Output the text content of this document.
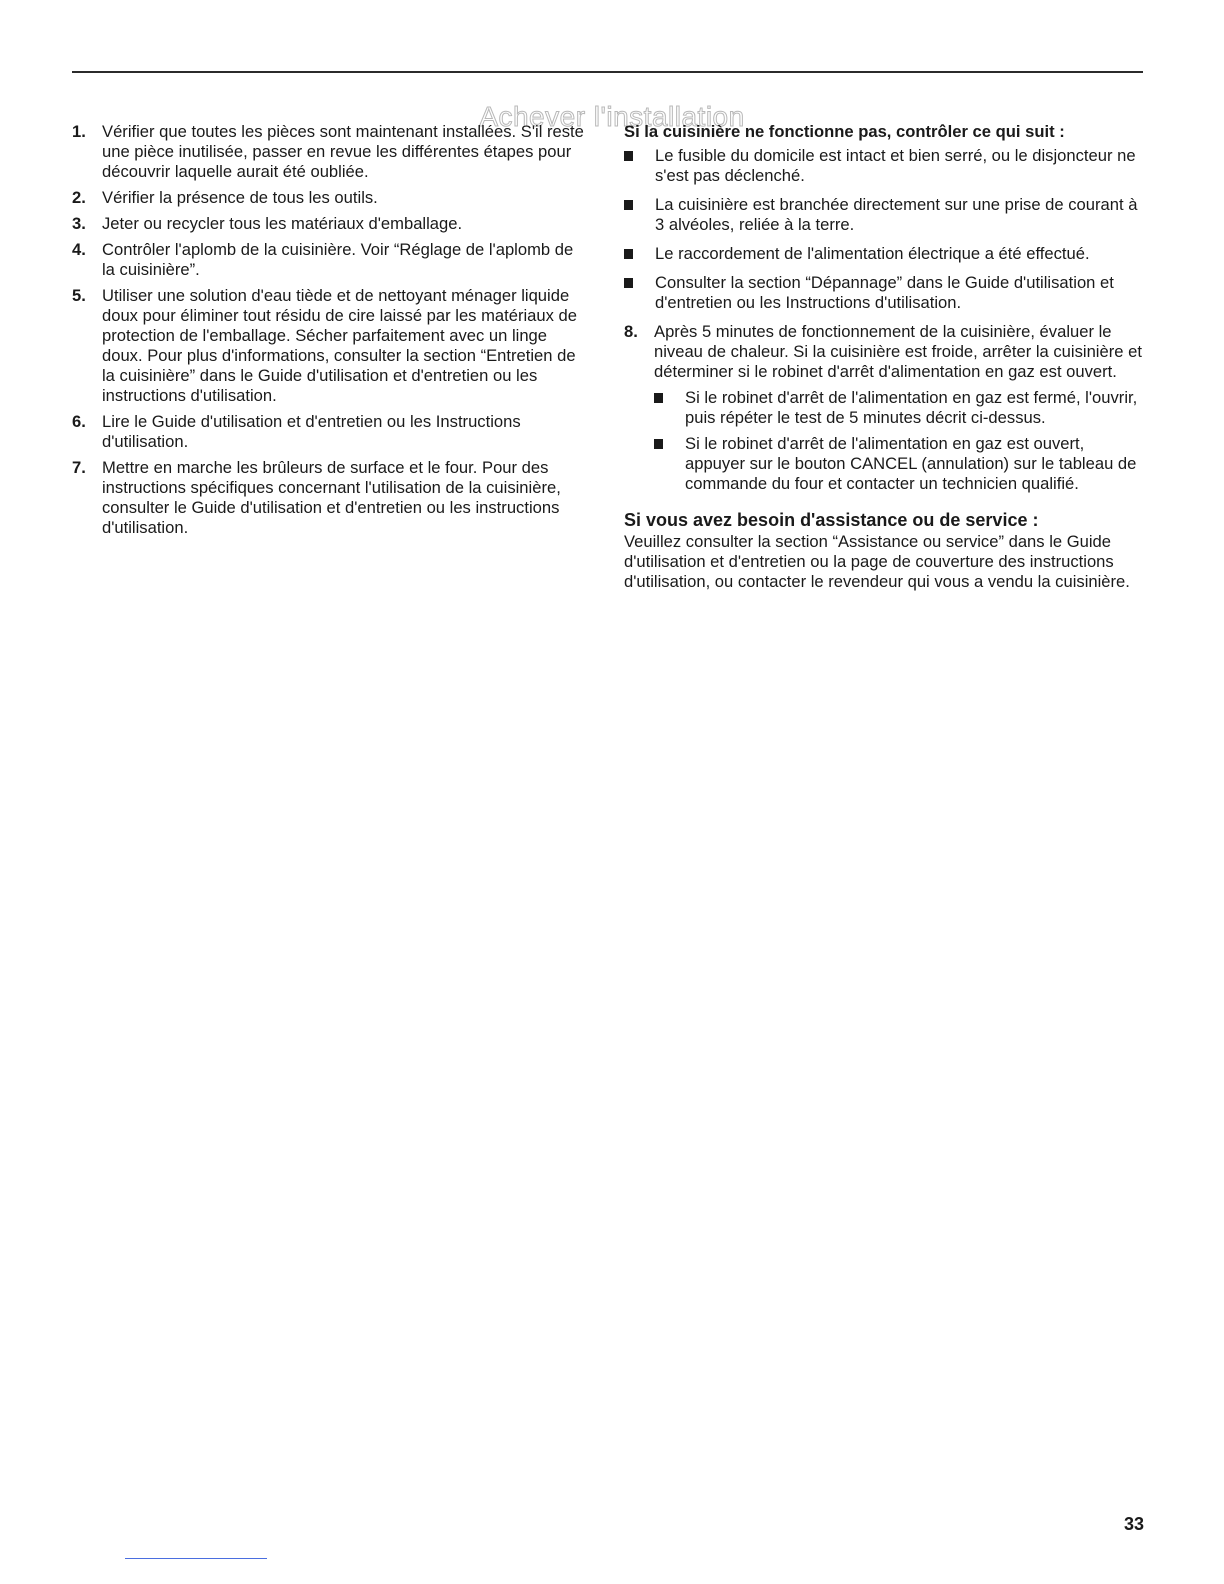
Achever l'installation
1. Vérifier que toutes les pièces sont maintenant installées. S'il reste une pièce inutilisée, passer en revue les différentes étapes pour découvrir laquelle aurait été oubliée.
2. Vérifier la présence de tous les outils.
3. Jeter ou recycler tous les matériaux d'emballage.
4. Contrôler l'aplomb de la cuisinière. Voir “Réglage de l'aplomb de la cuisinière”.
5. Utiliser une solution d'eau tiède et de nettoyant ménager liquide doux pour éliminer tout résidu de cire laissé par les matériaux de protection de l'emballage. Sécher parfaitement avec un linge doux. Pour plus d'informations, consulter la section “Entretien de la cuisinière” dans le Guide d'utilisation et d'entretien ou les instructions d'utilisation.
6. Lire le Guide d'utilisation et d'entretien ou les Instructions d'utilisation.
7. Mettre en marche les brûleurs de surface et le four. Pour des instructions spécifiques concernant l'utilisation de la cuisinière, consulter le Guide d'utilisation et d'entretien ou les instructions d'utilisation.

Si la cuisinière ne fonctionne pas, contrôler ce qui suit :

Le fusible du domicile est intact et bien serré, ou le disjoncteur ne s'est pas déclenché.
La cuisinière est branchée directement sur une prise de courant à 3 alvéoles, reliée à la terre.
Le raccordement de l'alimentation électrique a été effectué.
Consulter la section “Dépannage” dans le Guide d'utilisation et d'entretien ou les Instructions d'utilisation.
8. Après 5 minutes de fonctionnement de la cuisinière, évaluer le niveau de chaleur. Si la cuisinière est froide, arrêter la cuisinière et déterminer si le robinet d'arrêt d'alimentation en gaz est ouvert.
Si le robinet d'arrêt de l'alimentation en gaz est fermé, l'ouvrir, puis répéter le test de 5 minutes décrit ci-dessus.
Si le robinet d'arrêt de l'alimentation en gaz est ouvert, appuyer sur le bouton CANCEL (annulation) sur le tableau de commande du four et contacter un technicien qualifié.

Si vous avez besoin d'assistance ou de service :

Veuillez consulter la section “Assistance ou service” dans le Guide d'utilisation et d'entretien ou la page de couverture des instructions d'utilisation, ou contacter le revendeur qui vous a vendu la cuisinière.

33
